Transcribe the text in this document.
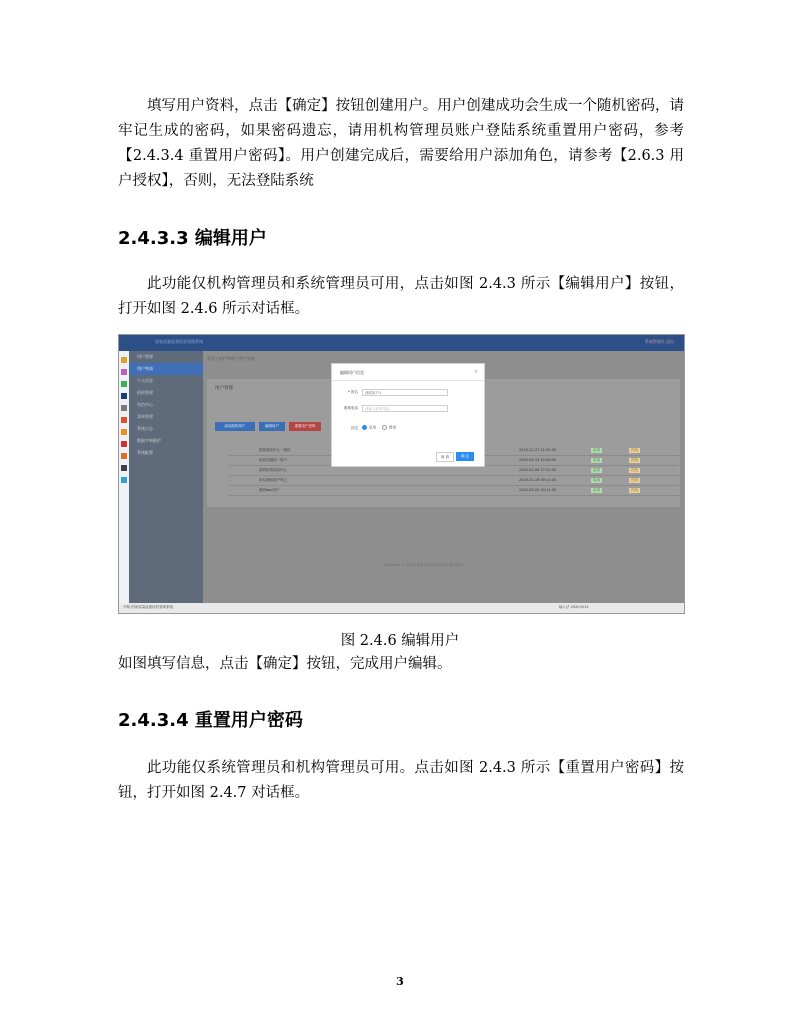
填写用户资料，点击【确定】按钮创建用户。用户创建成功会生成一个随机密码，请牢记生成的密码，如果密码遗忘，请用机构管理员账户登陆系统重置用户密码，参考【2.4.3.4 重置用户密码】。用户创建完成后，需要给用户添加角色，请参考【2.6.3 用户授权】，否则，无法登陆系统

2.4.3.3 编辑用户

此功能仅机构管理员和系统管理员可用，点击如图 2.4.3 所示【编辑用户】按钮，打开如图 2.4.6 所示对话框。

国家质量监督检验管理系统	系统管理员 退出
用户管理
用户列表
个人信息
机构管理
角色中心
菜单管理
系统日志
数据字典维护
系统配置
首页 / 用户管理 / 用户列表
用户管理
添加机构用户	编辑用户	重置用户密码
国家质检中心一测试	2019-12-27 11:00:00	启用	在线
检验员测试一用户	2020-04-15 10:30:00	启用	在线
测试机构检验中心	2020-01-06 17:22:00	启用	在线
单位测试用户甲乙	2020-01-16 09:11:00	启用	在线
测试abc用户	2020-05-15 09:11:00	启用	在线
Copyright © 国家质量监督检验管理系统 版权所有
编辑用户信息	×
* 姓名	测试用户1
联系电话	请输入联系电话
状态	启用	禁用
取 消	确 定
开始 国家质量监督检验管理系统	输入法 2020/5/15
图 2.4.6 编辑用户

如图填写信息，点击【确定】按钮，完成用户编辑。

2.4.3.4 重置用户密码

此功能仅系统管理员和机构管理员可用。点击如图 2.4.3 所示【重置用户密码】按钮，打开如图 2.4.7 对话框。

3
